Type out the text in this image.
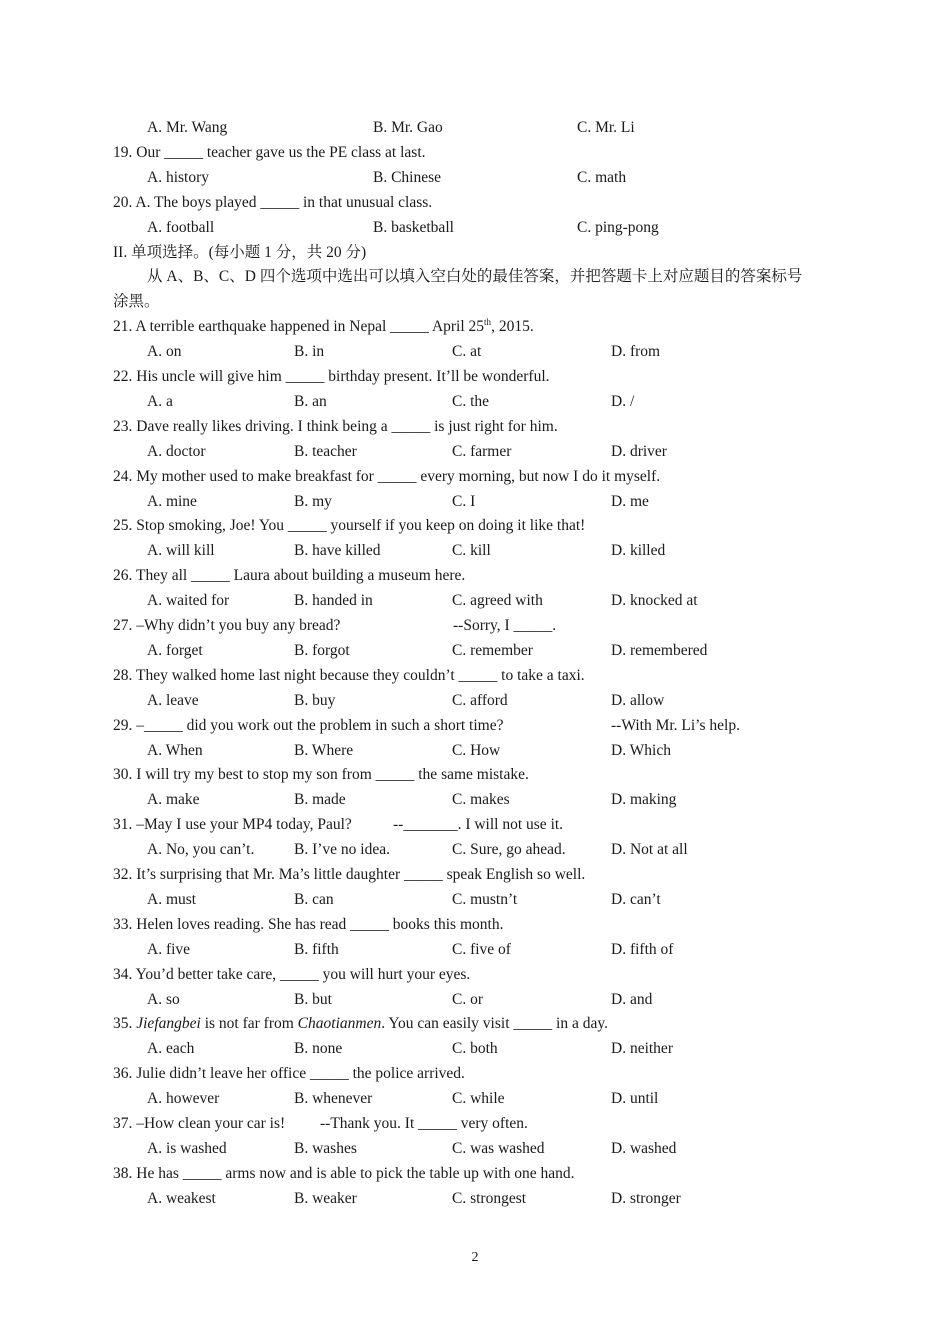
A. Mr. Wang	B. Mr. Gao	C. Mr. Li
19. Our _____ teacher gave us the PE class at last.
A. history	B. Chinese	C. math
20. A. The boys played _____ in that unusual class.
A. football	B. basketball	C. ping-pong
II. 单项选择。(每小题 1 分，共 20 分)
从 A、B、C、D 四个选项中选出可以填入空白处的最佳答案，并把答题卡上对应题目的答案标号
涂黑。
21. A terrible earthquake happened in Nepal _____ April 25th, 2015.
A. on	B. in	C. at	D. from
22. His uncle will give him _____ birthday present. It’ll be wonderful.
A. a	B. an	C. the	D. /
23. Dave really likes driving. I think being a _____ is just right for him.
A. doctor	B. teacher	C. farmer	D. driver
24. My mother used to make breakfast for _____ every morning, but now I do it myself.
A. mine	B. my	C. I	D. me
25. Stop smoking, Joe! You _____ yourself if you keep on doing it like that!
A. will kill	B. have killed	C. kill	D. killed
26. They all _____ Laura about building a museum here.
A. waited for	B. handed in	C. agreed with	D. knocked at
27. –Why didn’t you buy any bread?	--Sorry, I _____.
A. forget	B. forgot	C. remember	D. remembered
28. They walked home last night because they couldn’t _____ to take a taxi.
A. leave	B. buy	C. afford	D. allow
29. –_____ did you work out the problem in such a short time?	--With Mr. Li’s help.
A. When	B. Where	C. How	D. Which
30. I will try my best to stop my son from _____ the same mistake.
A. make	B. made	C. makes	D. making
31. –May I use your MP4 today, Paul?	--_______. I will not use it.
A. No, you can’t.	B. I’ve no idea.	C. Sure, go ahead.	D. Not at all
32. It’s surprising that Mr. Ma’s little daughter _____ speak English so well.
A. must	B. can	C. mustn’t	D. can’t
33. Helen loves reading. She has read _____ books this month.
A. five	B. fifth	C. five of	D. fifth of
34. You’d better take care, _____ you will hurt your eyes.
A. so	B. but	C. or	D. and
35. Jiefangbei is not far from Chaotianmen. You can easily visit _____ in a day.
A. each	B. none	C. both	D. neither
36. Julie didn’t leave her office _____ the police arrived.
A. however	B. whenever	C. while	D. until
37. –How clean your car is! --Thank you. It _____ very often.
A. is washed	B. washes	C. was washed	D. washed
38. He has _____ arms now and is able to pick the table up with one hand.
A. weakest	B. weaker	C. strongest	D. stronger
2
